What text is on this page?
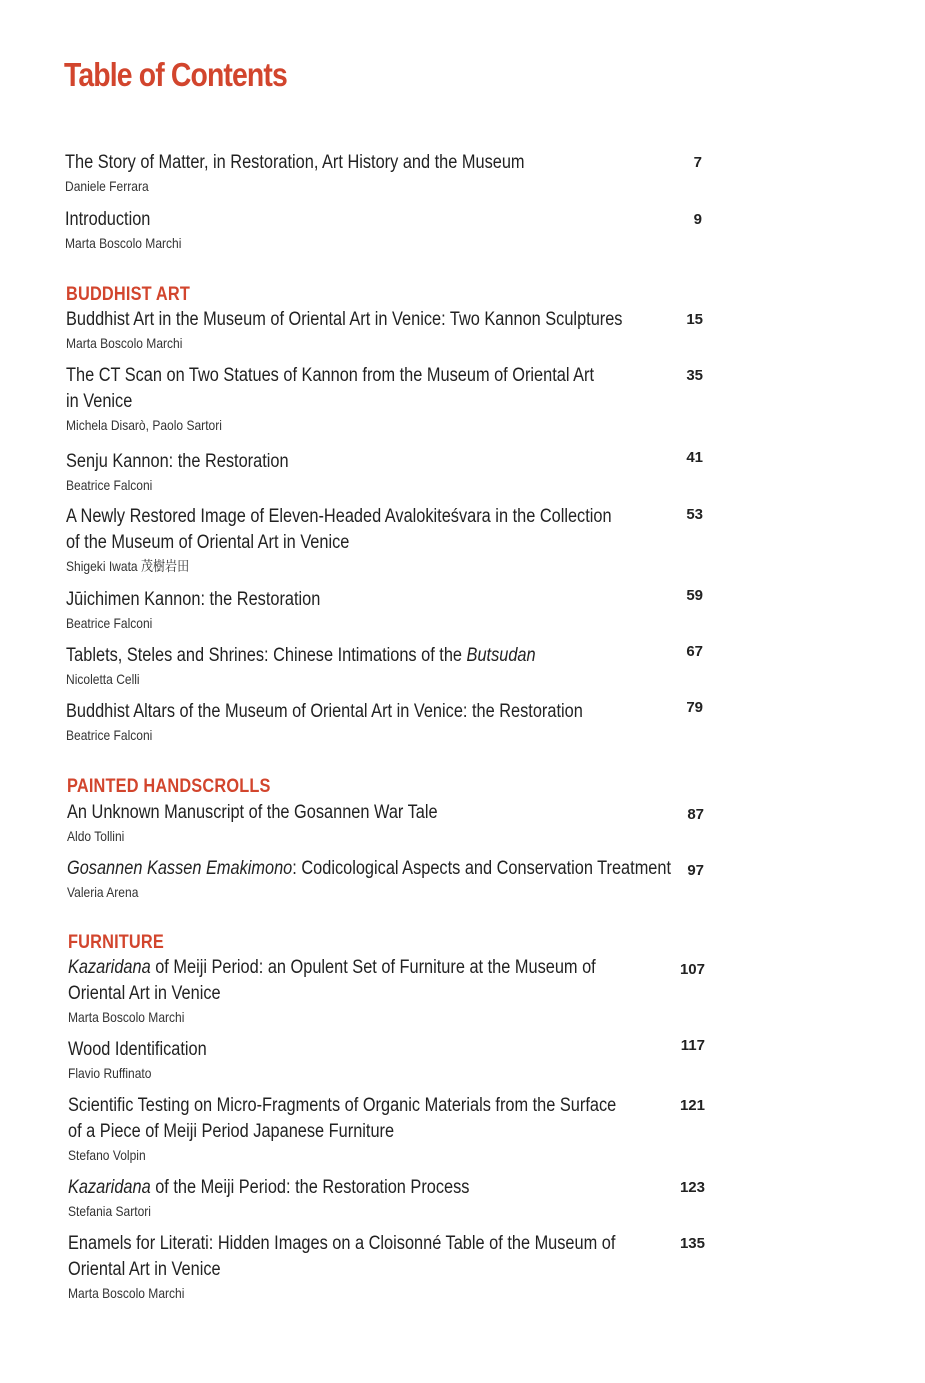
Table of Contents
The Story of Matter, in Restoration, Art History and the Museum
Daniele Ferrara
7
Introduction
Marta Boscolo Marchi
9
BUDDHIST ART
Buddhist Art in the Museum of Oriental Art in Venice: Two Kannon Sculptures
Marta Boscolo Marchi
15
The CT Scan on Two Statues of Kannon from the Museum of Oriental Art
in Venice
Michela Disarò, Paolo Sartori
35
Senju Kannon: the Restoration
Beatrice Falconi
41
A Newly Restored Image of Eleven-Headed Avalokiteśvara in the Collection
of the Museum of Oriental Art in Venice
Shigeki Iwata 茂樹岩田
53
Jūichimen Kannon: the Restoration
Beatrice Falconi
59
Tablets, Steles and Shrines: Chinese Intimations of the Butsudan
Nicoletta Celli
67
Buddhist Altars of the Museum of Oriental Art in Venice: the Restoration
Beatrice Falconi
79
PAINTED HANDSCROLLS
An Unknown Manuscript of the Gosannen War Tale
Aldo Tollini
87
Gosannen Kassen Emakimono: Codicological Aspects and Conservation Treatment
Valeria Arena
97
FURNITURE
Kazaridana of Meiji Period: an Opulent Set of Furniture at the Museum of
Oriental Art in Venice
Marta Boscolo Marchi
107
Wood Identification
Flavio Ruffinato
117
Scientific Testing on Micro-Fragments of Organic Materials from the Surface
of a Piece of Meiji Period Japanese Furniture
Stefano Volpin
121
Kazaridana of the Meiji Period: the Restoration Process
Stefania Sartori
123
Enamels for Literati: Hidden Images on a Cloisonné Table of the Museum of
Oriental Art in Venice
Marta Boscolo Marchi
135
